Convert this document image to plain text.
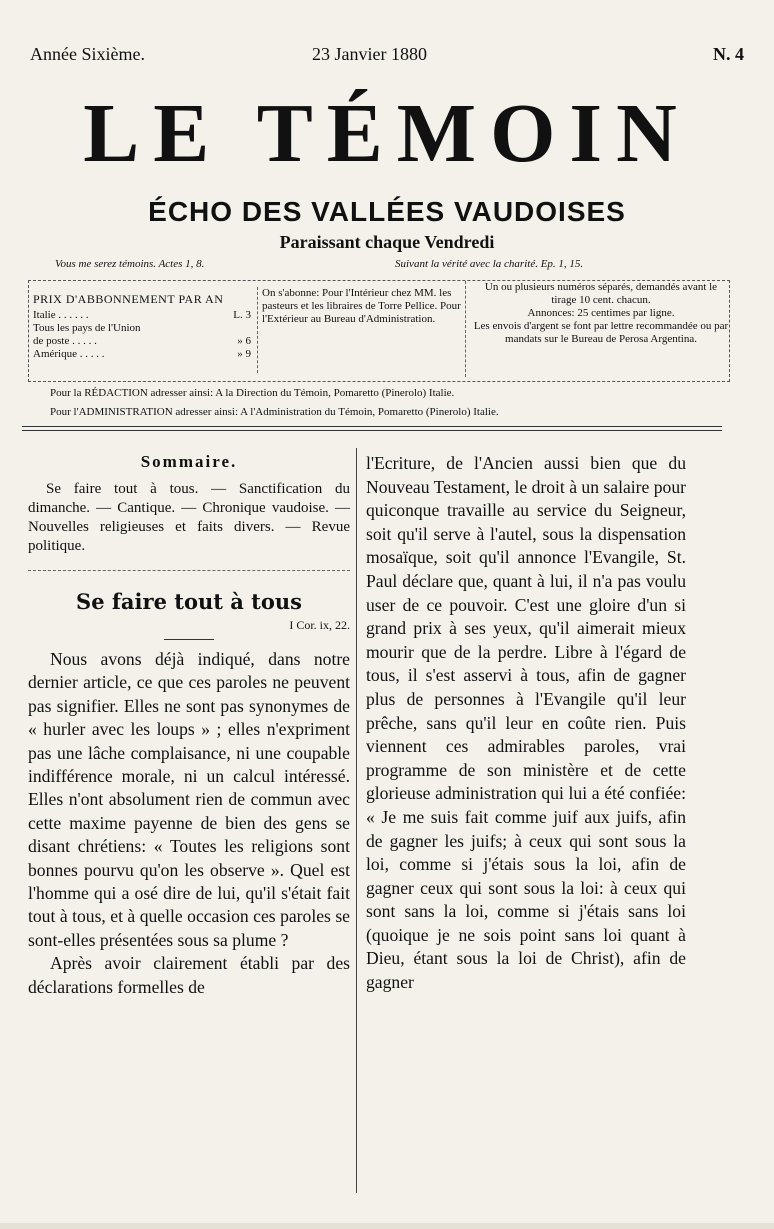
Année Sixième.	23 Janvier 1880	N. 4
LE TÉMOIN
ÉCHO DES VALLÉES VAUDOISES
Paraissant chaque Vendredi
Vous me serez témoins. Actes 1, 8.	Suivant la vérité avec la charité. Ep. 1, 15.
PRIX D'ABBONNEMENT PAR AN
Italie . . . . . .	L. 3
Tous les pays de l'Union
de poste . . . . .	» 6
Amérique . . . . .	» 9
On s'abonne: Pour l'Intérieur chez MM. les pasteurs et les libraires de Torre Pellice. Pour l'Extérieur au Bureau d'Administration.
Un ou plusieurs numéros séparés, demandés avant le tirage 10 cent. chacun.
Annonces: 25 centimes par ligne.
Les envois d'argent se font par lettre recommandée ou par mandats sur le Bureau de Perosa Argentina.
Pour la RÉDACTION adresser ainsi: A la Direction du Témoin, Pomaretto (Pinerolo) Italie.
Pour l'ADMINISTRATION adresser ainsi: A l'Administration du Témoin, Pomaretto (Pinerolo) Italie.
Sommaire.

Se faire tout à tous. — Sanctification du dimanche. — Cantique. — Chronique vaudoise. — Nouvelles religieuses et faits divers. — Revue politique.

Se faire tout à tous
I Cor. ix, 22.

Nous avons déjà indiqué, dans notre dernier article, ce que ces paroles ne peuvent pas signifier. Elles ne sont pas synonymes de « hurler avec les loups » ; elles n'expriment pas une lâche complaisance, ni une coupable indifférence morale, ni un calcul intéressé. Elles n'ont absolument rien de commun avec cette maxime payenne de bien des gens se disant chrétiens: « Toutes les religions sont bonnes pourvu qu'on les observe ». Quel est l'homme qui a osé dire de lui, qu'il s'était fait tout à tous, et à quelle occasion ces paroles se sont-elles présentées sous sa plume ?

Après avoir clairement établi par des déclarations formelles de

l'Ecriture, de l'Ancien aussi bien que du Nouveau Testament, le droit à un salaire pour quiconque travaille au service du Seigneur, soit qu'il serve à l'autel, sous la dispensation mosaïque, soit qu'il annonce l'Evangile, St. Paul déclare que, quant à lui, il n'a pas voulu user de ce pouvoir. C'est une gloire d'un si grand prix à ses yeux, qu'il aimerait mieux mourir que de la perdre. Libre à l'égard de tous, il s'est asservi à tous, afin de gagner plus de personnes à l'Evangile qu'il leur prêche, sans qu'il leur en coûte rien. Puis viennent ces admirables paroles, vrai programme de son ministère et de cette glorieuse administration qui lui a été confiée: « Je me suis fait comme juif aux juifs, afin de gagner les juifs; à ceux qui sont sous la loi, comme si j'étais sous la loi, afin de gagner ceux qui sont sous la loi: à ceux qui sont sans la loi, comme si j'étais sans loi (quoique je ne sois point sans loi quant à Dieu, étant sous la loi de Christ), afin de gagner
